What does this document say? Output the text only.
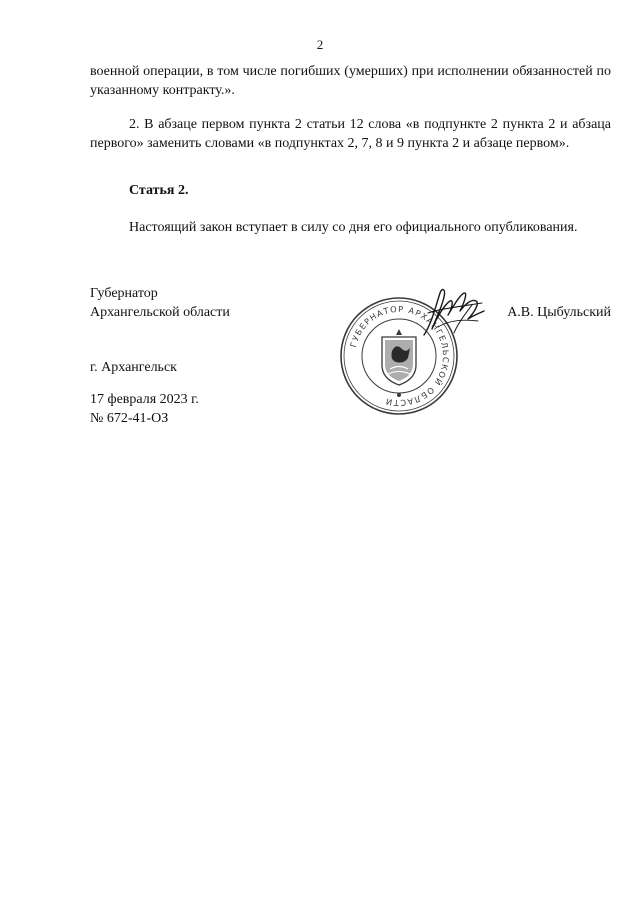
2

военной операции, в том числе погибших (умерших) при исполнении обязанностей по указанному контракту.».

2. В абзаце первом пункта 2 статьи 12 слова «в подпункте 2 пункта 2 и абзаца первого» заменить словами «в подпунктах 2, 7, 8 и 9 пункта 2 и абзаце первом».

Статья 2.

Настоящий закон вступает в силу со дня его официального опубликования.

Губернатор
Архангельской области	А.В. Цыбульский
ГУБЕРНАТОР АРХАНГЕЛЬСКОЙ ОБЛАСТИ
г. Архангельск
17 февраля 2023 г.
№ 672-41-ОЗ
